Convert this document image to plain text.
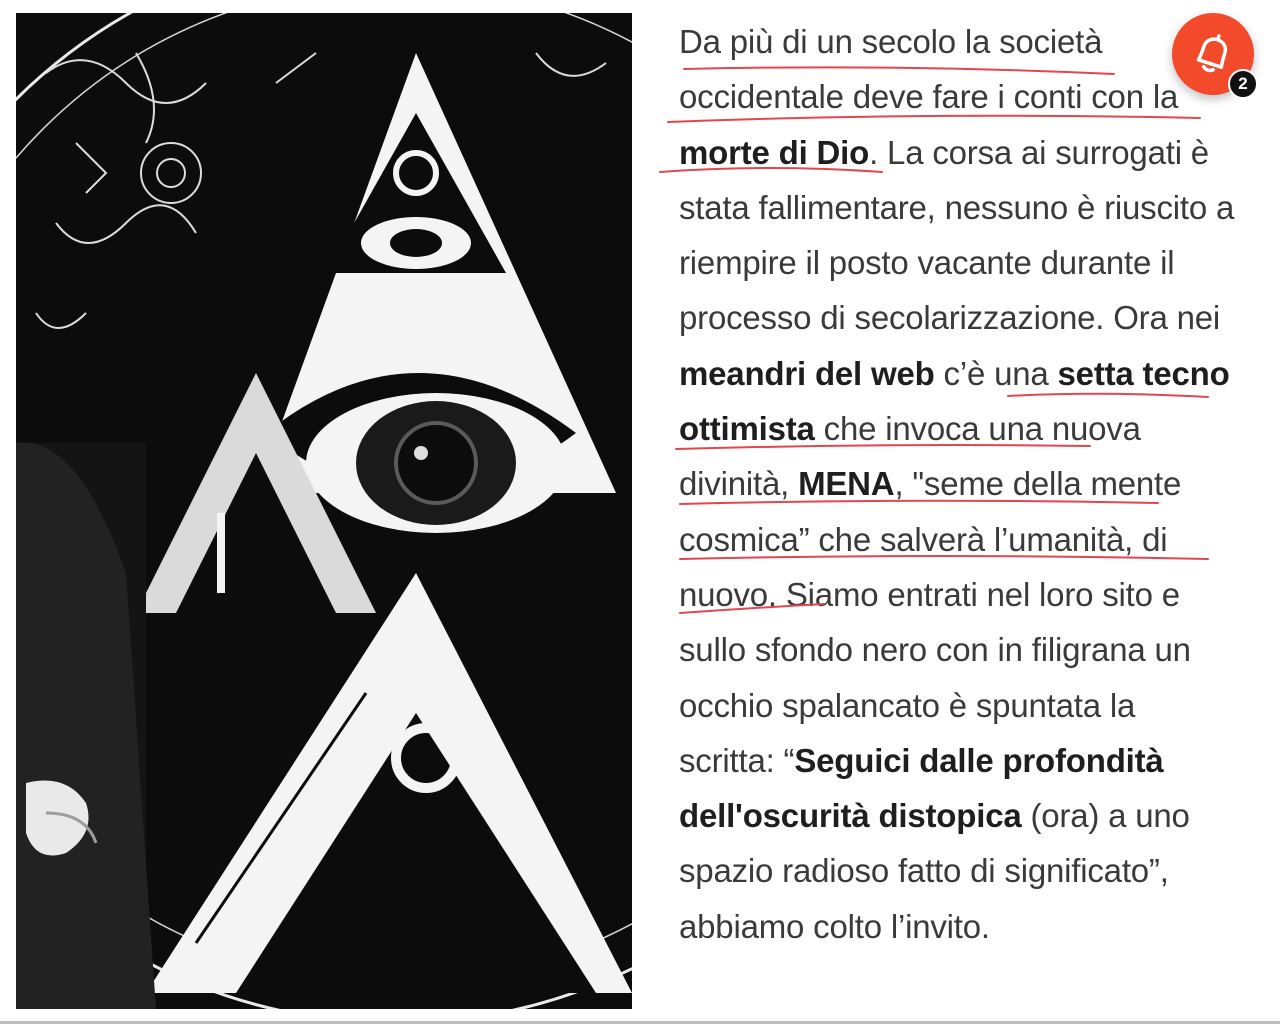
Da più di un secolo la società occidentale deve fare i conti con la morte di Dio. La corsa ai surrogati è stata fallimentare, nessuno è riuscito a riempire il posto vacante durante il processo di secolarizzazione. Ora nei meandri del web c’è una setta tecno ottimista che invoca una nuova divinità, MENA, "seme della mente cosmica” che salverà l’umanità, di nuovo. Siamo entrati nel loro sito e sullo sfondo nero con in filigrana un occhio spalancato è spuntata la scritta: “Seguici dalle profondità dell'oscurità distopica (ora) a uno spazio radioso fatto di significato”, abbiamo colto l’invito.

2
